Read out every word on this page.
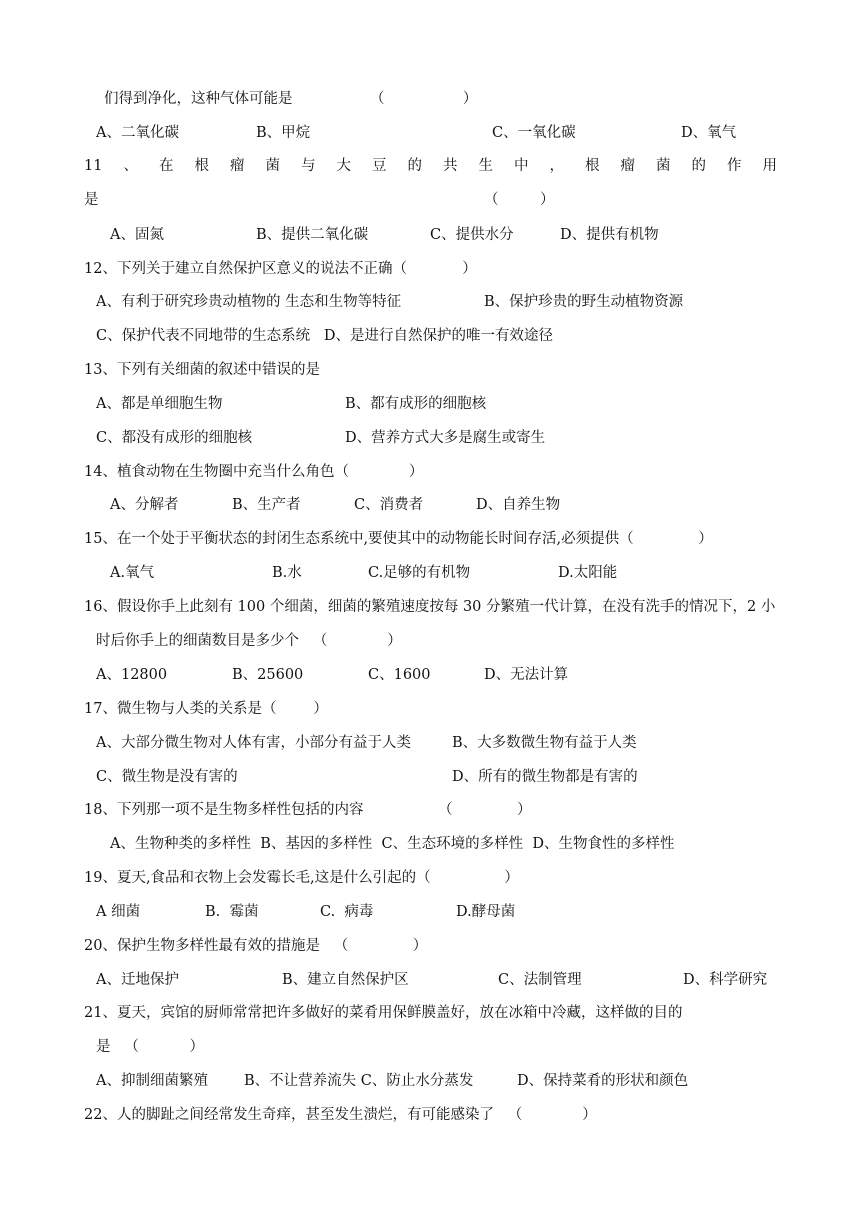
们得到净化，这种气体可能是	（                 ）
A、二氧化碳	B、甲烷	C、一氧化碳	D、氧气
11 、 在 根 瘤 菌 与 大 豆 的 共 生 中 ， 根 瘤 菌 的 作 用
是	（         ）
A、固氮	B、提供二氧化碳	C、提供水分	D、提供有机物
12、下列关于建立自然保护区意义的说法不正确（            ）
A、有利于研究珍贵动植物的 生态和生物等特征	B、保护珍贵的野生动植物资源
C、保护代表不同地带的生态系统   D、是进行自然保护的唯一有效途径
13、下列有关细菌的叙述中错误的是
A、都是单细胞生物	B、都有成形的细胞核
C、都没有成形的细胞核	D、营养方式大多是腐生或寄生
14、植食动物在生物圈中充当什么角色（             ）
A、分解者	B、生产者	C、消费者	D、自养生物
15、在一个处于平衡状态的封闭生态系统中,要使其中的动物能长时间存活,必须提供（              ）
A.氧气	B.水	C.足够的有机物	D.太阳能
16、假设你手上此刻有 100 个细菌，细菌的繁殖速度按每 30 分繁殖一代计算，在没有洗手的情况下，2 小
时后你手上的细菌数目是多少个   （             ）
A、12800	B、25600	C、1600	D、无法计算
17、微生物与人类的关系是（        ）
A、大部分微生物对人体有害，小部分有益于人类	B、大多数微生物有益于人类
C、微生物是没有害的	D、所有的微生物都是有害的
18、下列那一项不是生物多样性包括的内容	（              ）
A、生物种类的多样性  B、基因的多样性  C、生态环境的多样性  D、生物食性的多样性
19、夏天,食品和衣物上会发霉长毛,这是什么引起的（                ）
A 细菌	B.  霉菌	C.  病毒	D.酵母菌
20、保护生物多样性最有效的措施是   （              ）
A、迁地保护	B、建立自然保护区	C、法制管理	D、科学研究
21、夏天，宾馆的厨师常常把许多做好的菜肴用保鲜膜盖好，放在冰箱中冷藏，这样做的目的
是   （           ）
A、抑制细菌繁殖 B、不让营养流失 C、防止水分蒸发	D、保持菜肴的形状和颜色
22、人的脚趾之间经常发生奇痒，甚至发生溃烂，有可能感染了   （             ）
